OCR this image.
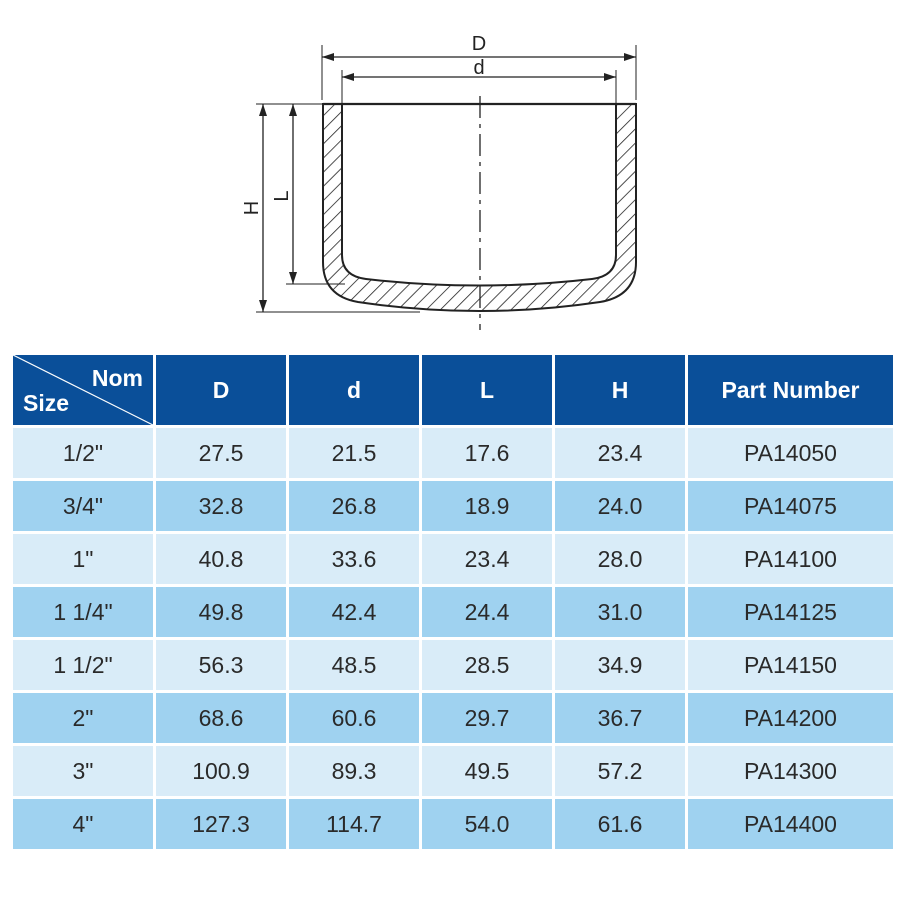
D
d
H
L
Nom
Size	D	d	L	H	Part Number
1/2"	27.5	21.5	17.6	23.4	PA14050
3/4"	32.8	26.8	18.9	24.0	PA14075
1"	40.8	33.6	23.4	28.0	PA14100
1 1/4"	49.8	42.4	24.4	31.0	PA14125
1 1/2"	56.3	48.5	28.5	34.9	PA14150
2"	68.6	60.6	29.7	36.7	PA14200
3"	100.9	89.3	49.5	57.2	PA14300
4"	127.3	114.7	54.0	61.6	PA14400
